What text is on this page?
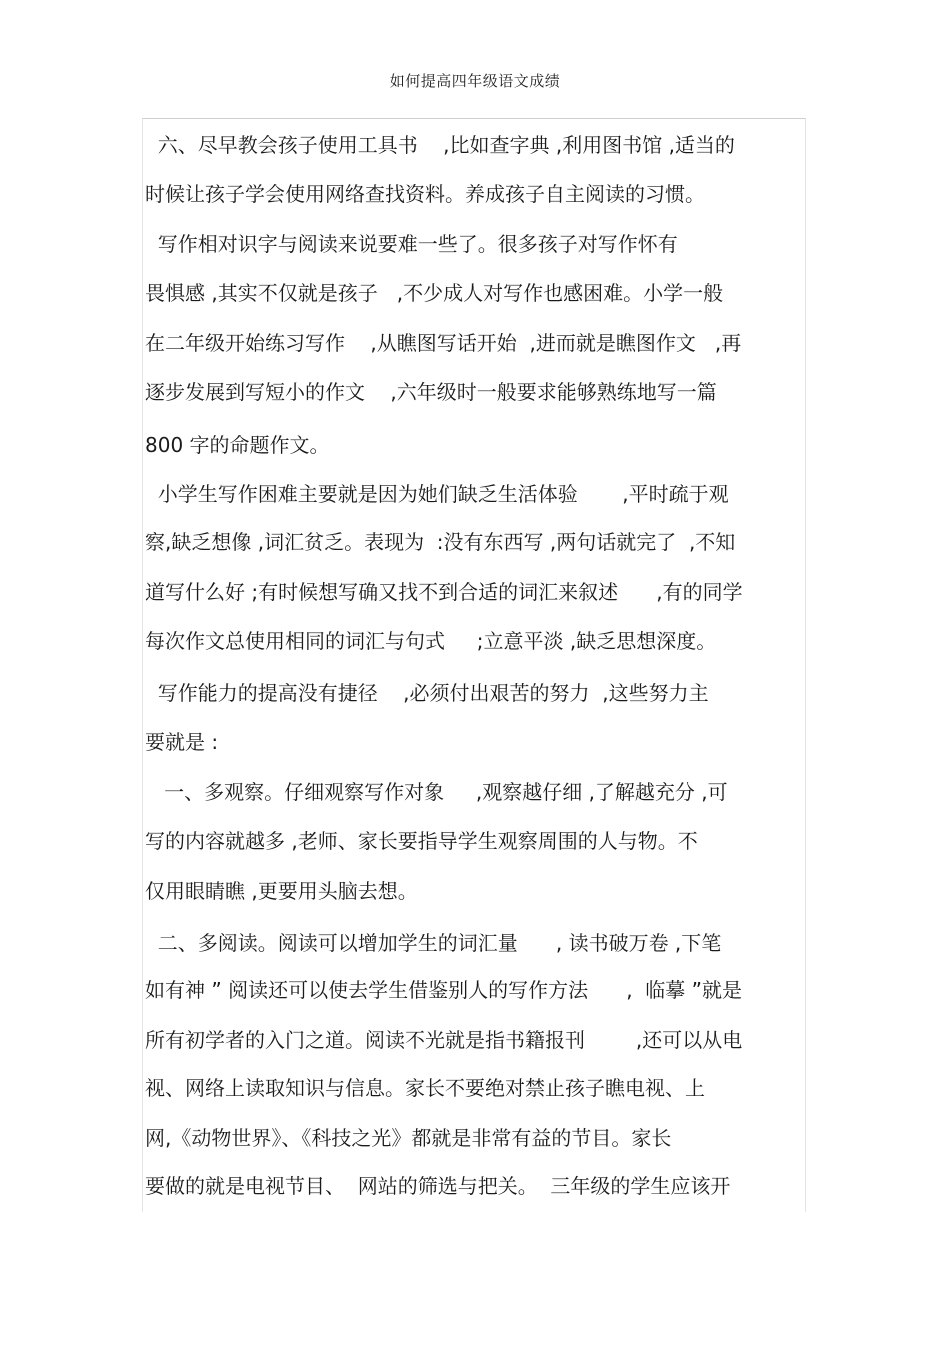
如何提高四年级语文成绩
六、尽早教会孩子使用工具书    ,比如查字典 ,利用图书馆 ,适当的
时候让孩子学会使用网络查找资料。养成孩子自主阅读的习惯。
写作相对识字与阅读来说要难一些了。很多孩子对写作怀有
畏惧感 ,其实不仅就是孩子   ,不少成人对写作也感困难。小学一般
在二年级开始练习写作    ,从瞧图写话开始  ,进而就是瞧图作文   ,再
逐步发展到写短小的作文    ,六年级时一般要求能够熟练地写一篇
800 字的命题作文。
小学生写作困难主要就是因为她们缺乏生活体验       ,平时疏于观
察,缺乏想像 ,词汇贫乏。表现为  :没有东西写 ,两句话就完了  ,不知
道写什么好 ;有时候想写确又找不到合适的词汇来叙述      ,有的同学
每次作文总使用相同的词汇与句式     ;立意平淡 ,缺乏思想深度。
写作能力的提高没有捷径    ,必须付出艰苦的努力  ,这些努力主
要就是 :
一、多观察。仔细观察写作对象     ,观察越仔细 ,了解越充分 ,可
写的内容就越多 ,老师、家长要指导学生观察周围的人与物。不
仅用眼睛瞧 ,更要用头脑去想。
二、多阅读。阅读可以增加学生的词汇量      , 读书破万卷 ,下笔
如有神 ” 阅读还可以使去学生借鉴别人的写作方法      ,  临摹 ”就是
所有初学者的入门之道。阅读不光就是指书籍报刊        ,还可以从电
视、网络上读取知识与信息。家长不要绝对禁止孩子瞧电视、上
网,《动物世界》、《科技之光》都就是非常有益的节目。家长
要做的就是电视节目、  网站的筛选与把关。  三年级的学生应该开
